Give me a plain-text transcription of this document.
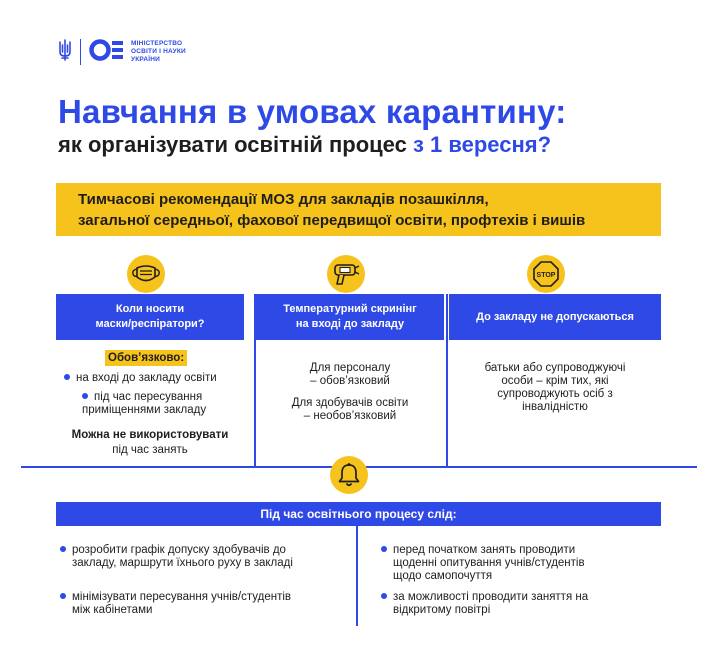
МІНІСТЕРСТВО
ОСВІТИ І НАУКИ
УКРАЇНИ
Навчання в умовах карантину:
як організувати освітній процес з 1 вересня?
Тимчасові рекомендації МОЗ для закладів позашкілля,
загальної середньої, фахової передвищої освіти, профтехів і вишів
STOP
Коли носити
маски/респіратори?
Температурний скринінг
на вході до закладу
До закладу не допускаються
Обов’язково:
на вході до закладу освіти
під час пересування
приміщеннями закладу
Можна не використовувати
під час занять
Для персоналу
– обов’язковий
Для здобувачів освіти
– необов’язковий
батьки або супроводжуючі
особи – крім тих, які
супроводжують осіб з
інвалідністю
Під час освітнього процесу слід:
розробити графік допуску здобувачів до
закладу, маршрути їхнього руху в закладі
мінімізувати пересування учнів/студентів
між кабінетами
перед початком занять проводити
щоденні опитування учнів/студентів
щодо самопочуття
за можливості проводити заняття на
відкритому повітрі
